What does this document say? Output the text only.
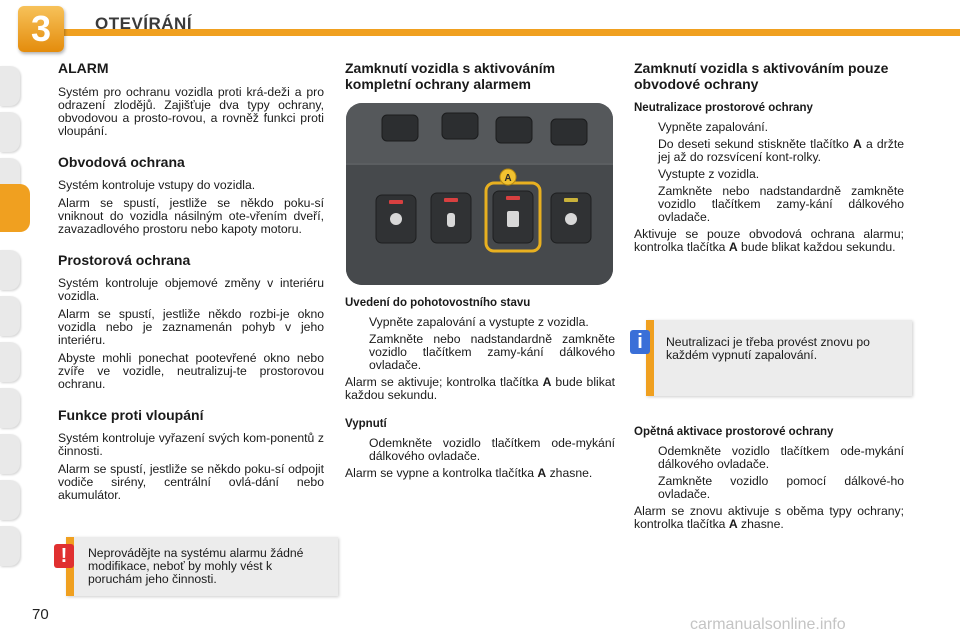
3	OTEVÍRÁNÍ
ALARM

Systém pro ochranu vozidla proti krá-deži a pro odrazení zlodějů. Zajišťuje dva typy ochrany, obvodovou a prosto-rovou, a rovněž funkci proti vloupání.

Obvodová ochrana

Systém kontroluje vstupy do vozidla.

Alarm se spustí, jestliže se někdo poku-sí vniknout do vozidla násilným ote-vřením dveří, zavazadlového prostoru nebo kapoty motoru.

Prostorová ochrana

Systém kontroluje objemové změny v interiéru vozidla.

Alarm se spustí, jestliže někdo rozbi-je okno vozidla nebo je zaznamenán pohyb v jeho interiéru.

Abyste mohli ponechat pootevřené okno nebo zvíře ve vozidle, neutralizuj-te prostorovou ochranu.

Funkce proti vloupání

Systém kontroluje vyřazení svých kom-ponentů z činnosti.

Alarm se spustí, jestliže se někdo poku-sí odpojit vodiče sirény, centrální ovlá-dání nebo akumulátor.

Neprovádějte na systému alarmu žádné modifikace, neboť by mohly vést k poruchám jeho činnosti.
!
Zamknutí vozidla s aktivováním kompletní ochrany alarmem
A
Uvedení do pohotovostního stavu
Vypněte zapalování a vystupte z vozidla.
Zamkněte nebo nadstandardně zamkněte vozidlo tlačítkem zamy-kání dálkového ovladače.

Alarm se aktivuje; kontrolka tlačítka A bude blikat každou sekundu.

Vypnutí
Odemkněte vozidlo tlačítkem ode-mykání dálkového ovladače.

Alarm se vypne a kontrolka tlačítka A zhasne.

Zamknutí vozidla s aktivováním pouze obvodové ochrany
Neutralizace prostorové ochrany
Vypněte zapalování.
Do deseti sekund stiskněte tlačítko A a držte jej až do rozsvícení kont-rolky.
Vystupte z vozidla.
Zamkněte nebo nadstandardně zamkněte vozidlo tlačítkem zamy-kání dálkového ovladače.

Aktivuje se pouze obvodová ochrana alarmu; kontrolka tlačítka A bude blikat každou sekundu.

Neutralizaci je třeba provést znovu po každém vypnutí zapalování.
i
Opětná aktivace prostorové ochrany
Odemkněte vozidlo tlačítkem ode-mykání dálkového ovladače.
Zamkněte vozidlo pomocí dálkové-ho ovladače.

Alarm se znovu aktivuje s oběma typy ochrany; kontrolka tlačítka A zhasne.

70
carmanualsonline.info
